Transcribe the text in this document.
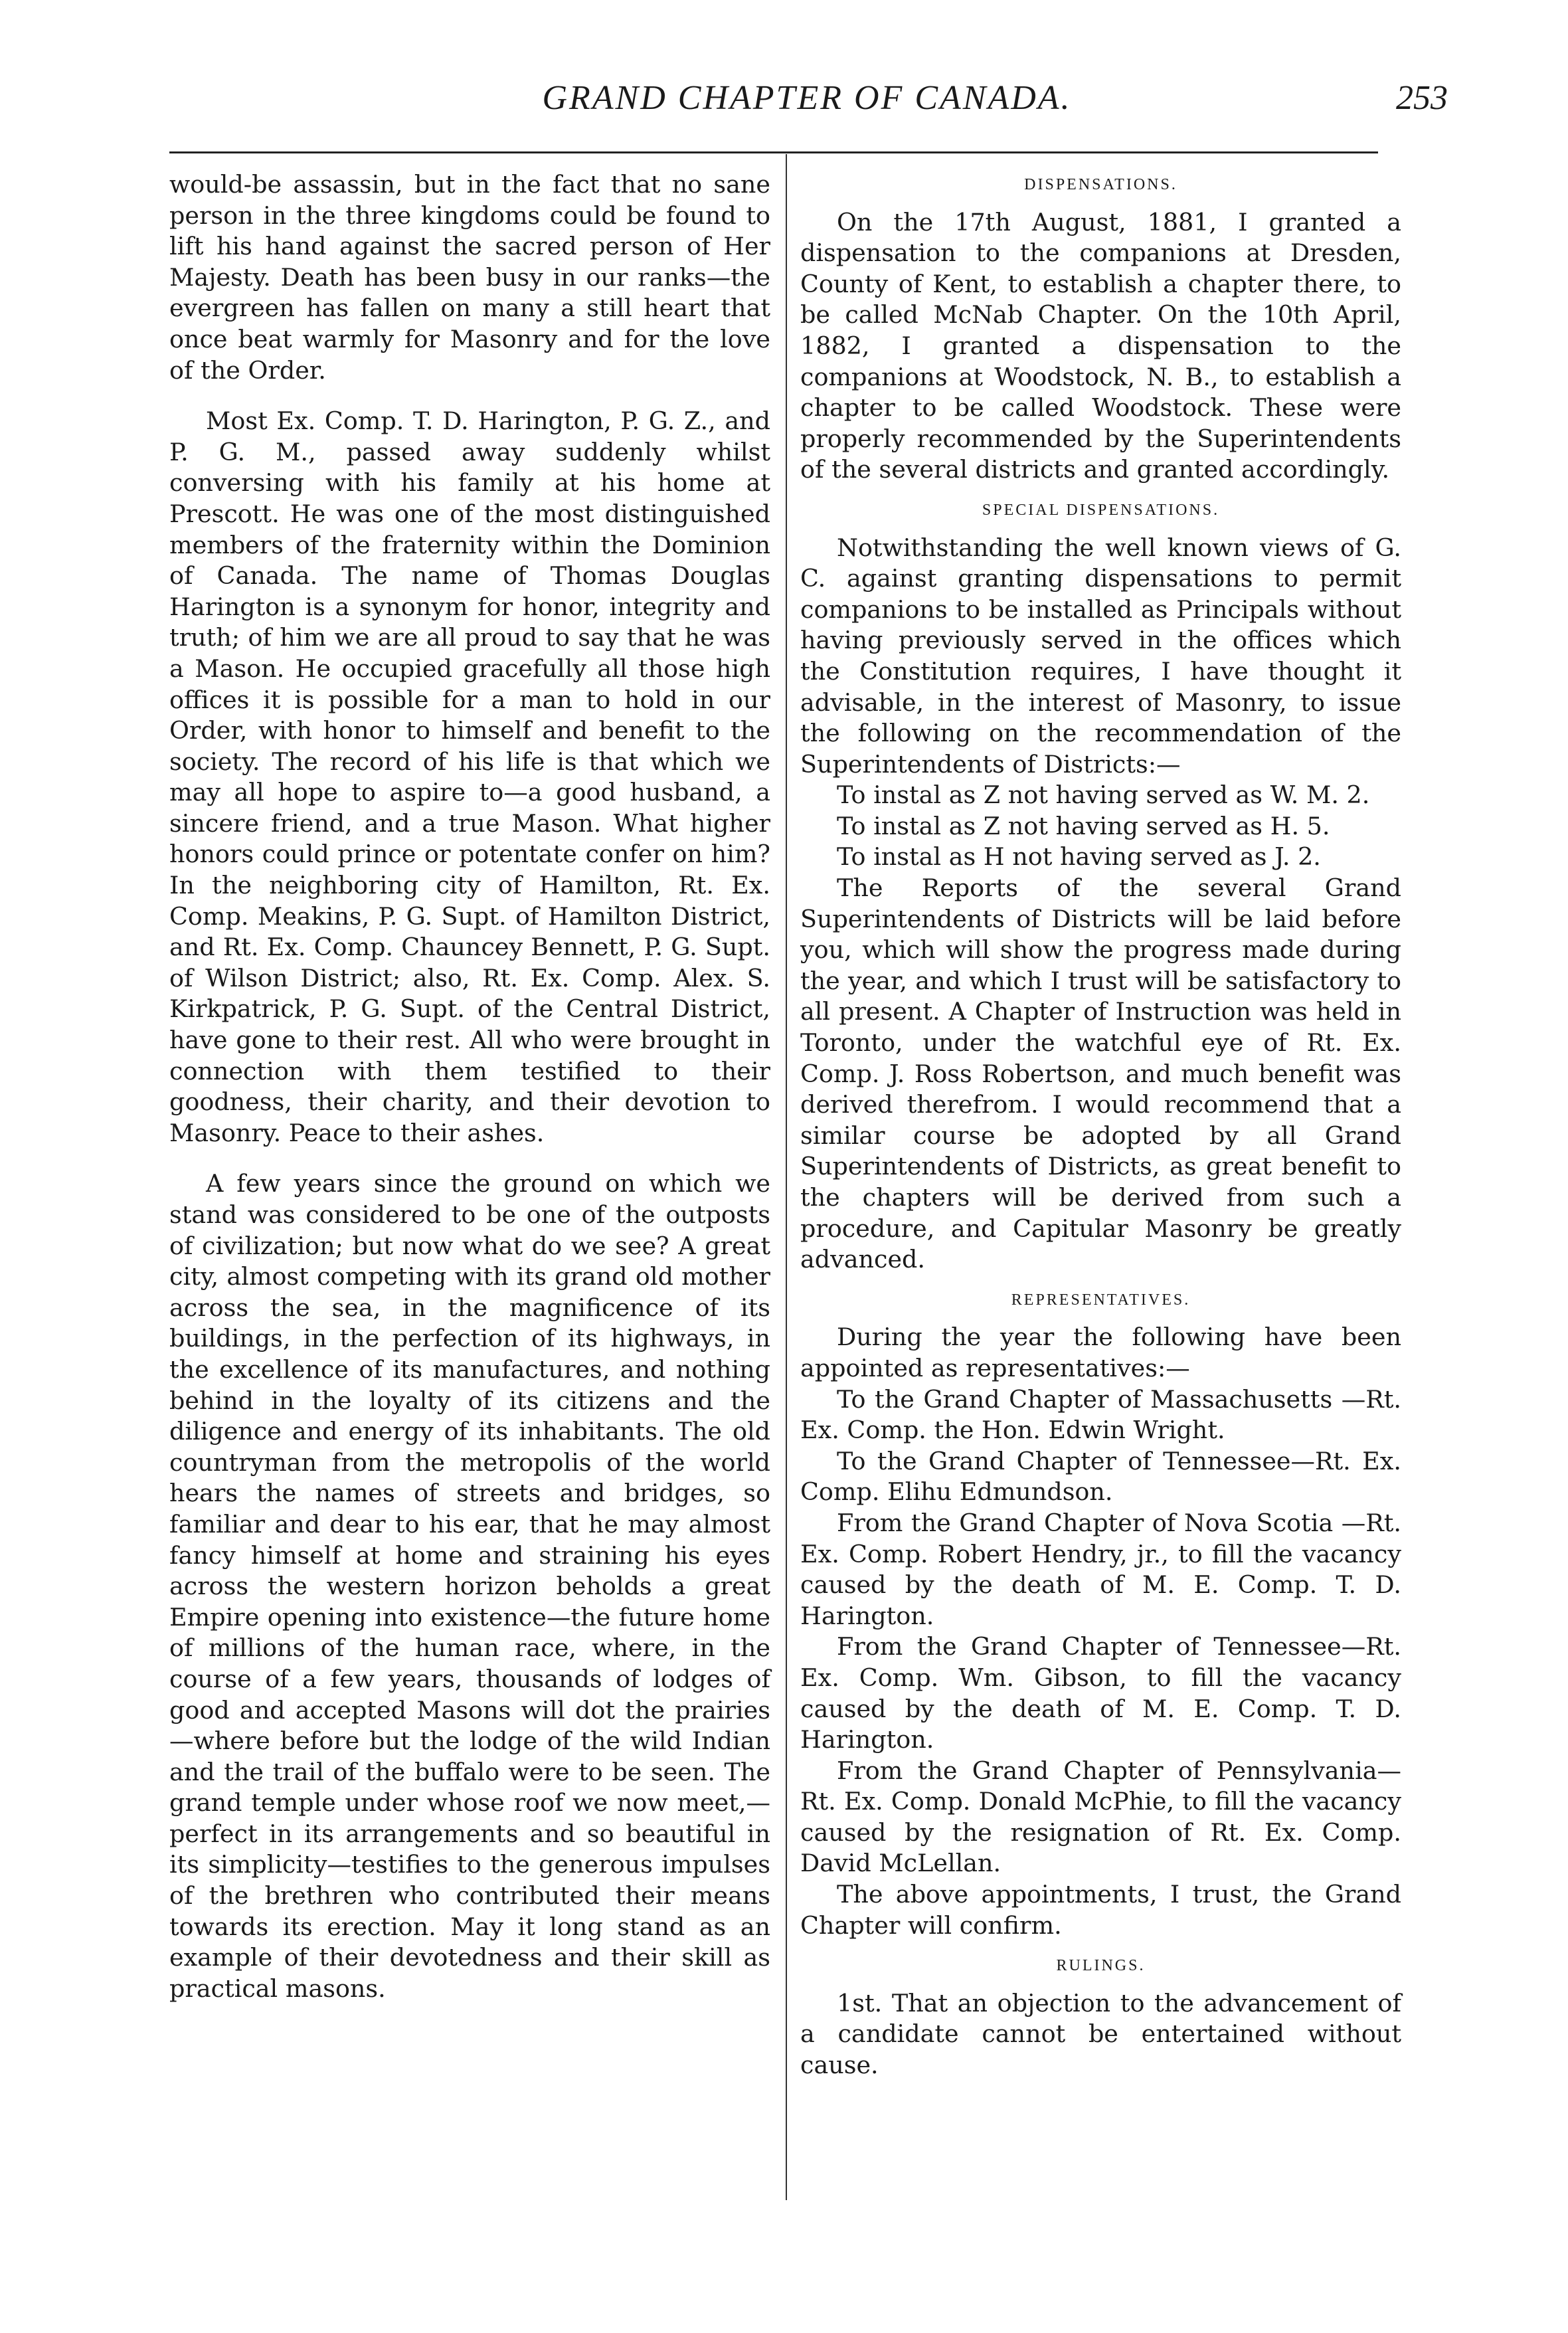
GRAND CHAPTER OF CANADA.	253

would-be assassin, but in the fact that no sane person in the three kingdoms could be found to lift his hand against the sacred person of Her Majesty. Death has been busy in our ranks—the evergreen has fallen on many a still heart that once beat warmly for Masonry and for the love of the Order.

Most Ex. Comp. T. D. Harington, P. G. Z., and P. G. M., passed away suddenly whilst conversing with his family at his home at Prescott. He was one of the most distinguished members of the fraternity within the Dominion of Canada. The name of Thomas Douglas Harington is a synonym for honor, integrity and truth; of him we are all proud to say that he was a Mason. He occupied gracefully all those high offices it is possible for a man to hold in our Order, with honor to himself and benefit to the society. The record of his life is that which we may all hope to aspire to—a good husband, a sincere friend, and a true Mason. What higher honors could prince or potentate confer on him? In the neighboring city of Hamilton, Rt. Ex. Comp. Meakins, P. G. Supt. of Hamilton District, and Rt. Ex. Comp. Chauncey Bennett, P. G. Supt. of Wilson District; also, Rt. Ex. Comp. Alex. S. Kirkpatrick, P. G. Supt. of the Central District, have gone to their rest. All who were brought in connection with them testified to their goodness, their charity, and their devotion to Masonry. Peace to their ashes.

A few years since the ground on which we stand was considered to be one of the outposts of civilization; but now what do we see? A great city, almost competing with its grand old mother across the sea, in the magnificence of its buildings, in the perfection of its highways, in the excellence of its manufactures, and nothing behind in the loyalty of its citizens and the diligence and energy of its inhabitants. The old countryman from the metropolis of the world hears the names of streets and bridges, so familiar and dear to his ear, that he may almost fancy himself at home and straining his eyes across the western horizon beholds a great Empire opening into existence—the future home of millions of the human race, where, in the course of a few years, thousands of lodges of good and accepted Masons will dot the prairies —where before but the lodge of the wild Indian and the trail of the buffalo were to be seen. The grand temple under whose roof we now meet,—perfect in its arrangements and so beautiful in its simplicity—testifies to the generous impulses of the brethren who contributed their means towards its erection. May it long stand as an example of their devotedness and their skill as practical masons.

DISPENSATIONS.

On the 17th August, 1881, I granted a dispensation to the companions at Dresden, County of Kent, to establish a chapter there, to be called McNab Chapter. On the 10th April, 1882, I granted a dispensation to the companions at Woodstock, N. B., to establish a chapter to be called Woodstock. These were properly recommended by the Superintendents of the several districts and granted accordingly.

SPECIAL DISPENSATIONS.

Notwithstanding the well known views of G. C. against granting dispensations to permit companions to be installed as Principals without having previously served in the offices which the Constitution requires, I have thought it advisable, in the interest of Masonry, to issue the following on the recommendation of the Superintendents of Districts:—

To instal as Z not having served as W. M. 2.

To instal as Z not having served as H. 5.

To instal as H not having served as J. 2.

The Reports of the several Grand Superintendents of Districts will be laid before you, which will show the progress made during the year, and which I trust will be satisfactory to all present. A Chapter of Instruction was held in Toronto, under the watchful eye of Rt. Ex. Comp. J. Ross Robertson, and much benefit was derived therefrom. I would recommend that a similar course be adopted by all Grand Superintendents of Districts, as great benefit to the chapters will be derived from such a procedure, and Capitular Masonry be greatly advanced.

REPRESENTATIVES.

During the year the following have been appointed as representatives:—

To the Grand Chapter of Massachusetts —Rt. Ex. Comp. the Hon. Edwin Wright.

To the Grand Chapter of Tennessee—Rt. Ex. Comp. Elihu Edmundson.

From the Grand Chapter of Nova Scotia —Rt. Ex. Comp. Robert Hendry, jr., to fill the vacancy caused by the death of M. E. Comp. T. D. Harington.

From the Grand Chapter of Tennessee—Rt. Ex. Comp. Wm. Gibson, to fill the vacancy caused by the death of M. E. Comp. T. D. Harington.

From the Grand Chapter of Pennsylvania—Rt. Ex. Comp. Donald McPhie, to fill the vacancy caused by the resignation of Rt. Ex. Comp. David McLellan.

The above appointments, I trust, the Grand Chapter will confirm.

RULINGS.

1st. That an objection to the advancement of a candidate cannot be entertained without cause.
